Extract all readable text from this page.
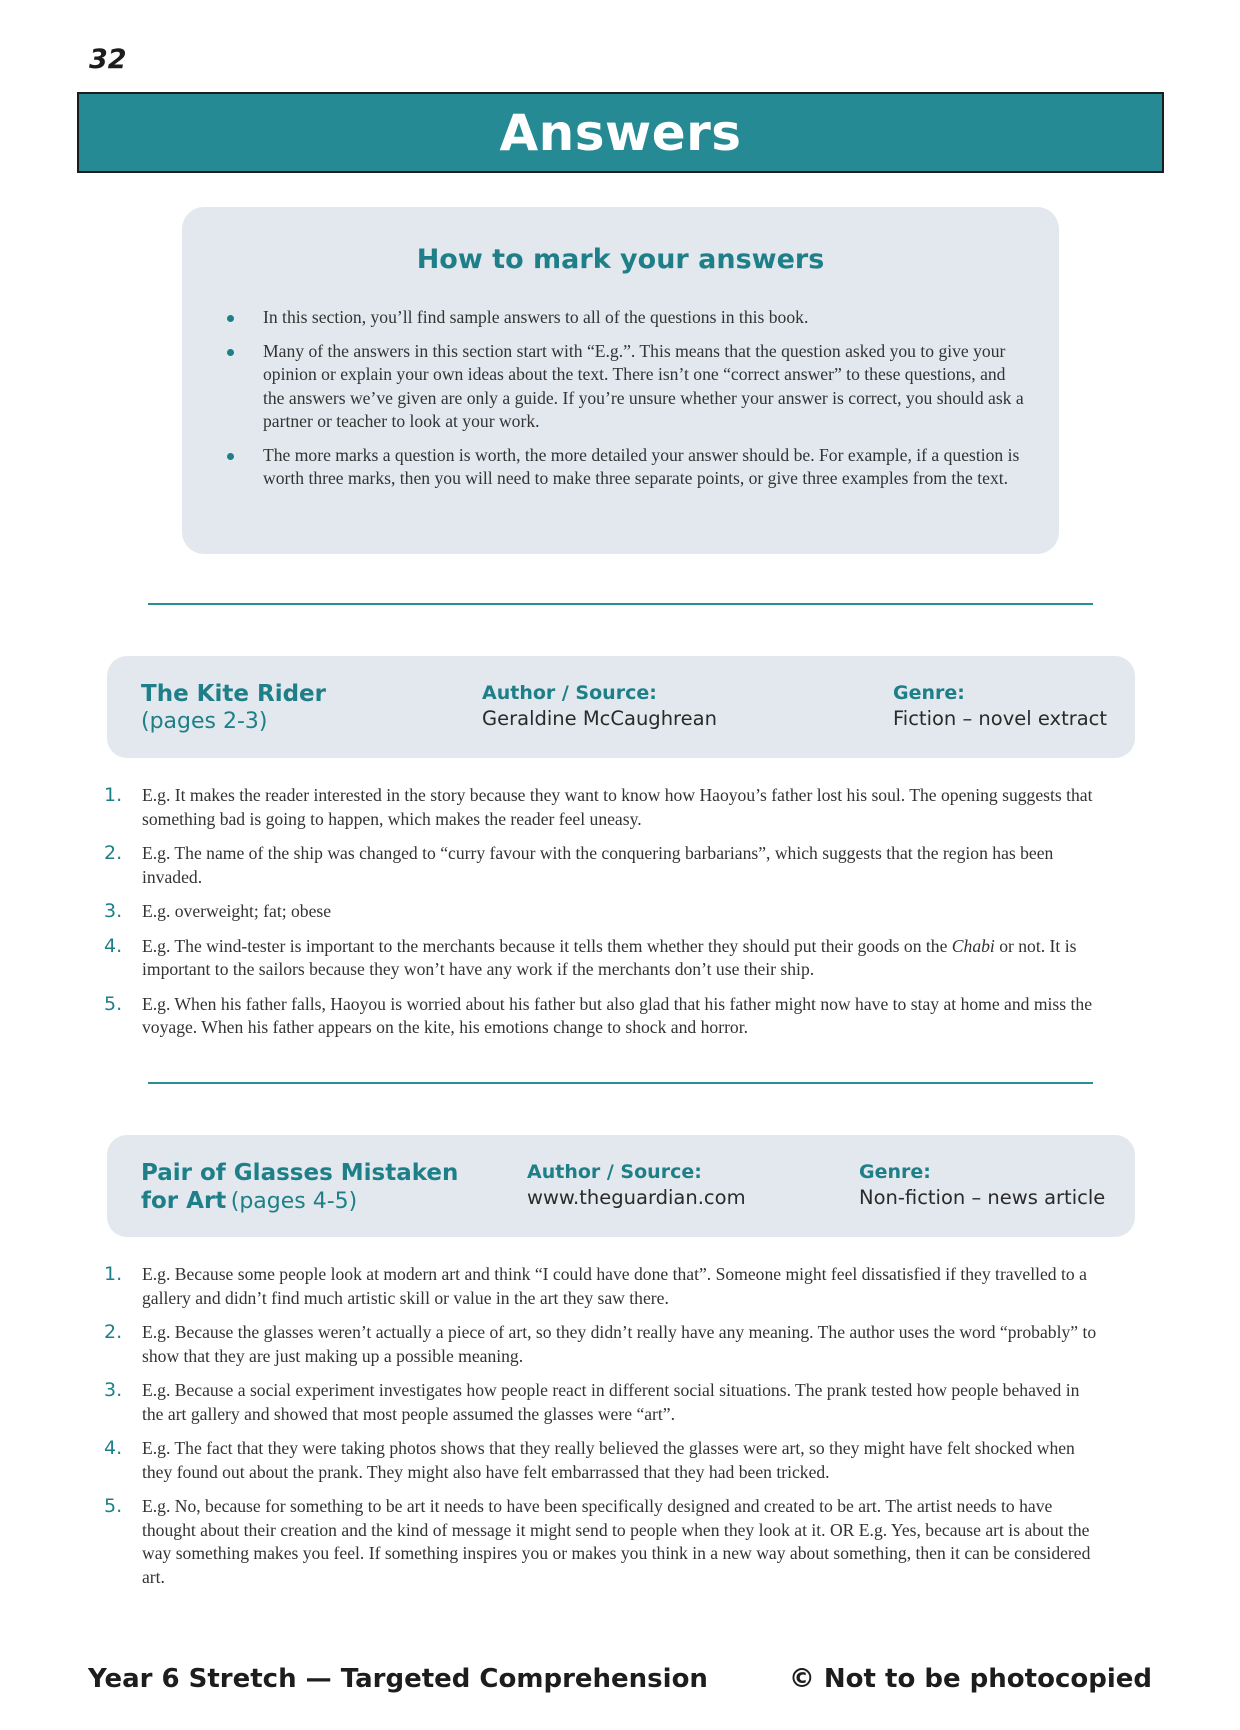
32
Answers
How to mark your answers
In this section, you’ll find sample answers to all of the questions in this book.
Many of the answers in this section start with “E.g.”. This means that the question asked you to give your opinion or explain your own ideas about the text. There isn’t one “correct answer” to these questions, and the answers we’ve given are only a guide. If you’re unsure whether your answer is correct, you should ask a partner or teacher to look at your work.
The more marks a question is worth, the more detailed your answer should be. For example, if a question is worth three marks, then you will need to make three separate points, or give three examples from the text.
The Kite Rider
(pages 2-3)
Author / Source:
Geraldine McCaughrean
Genre:
Fiction – novel extract
1. E.g. It makes the reader interested in the story because they want to know how Haoyou’s father lost his soul. The opening suggests that something bad is going to happen, which makes the reader feel uneasy.
2. E.g. The name of the ship was changed to “curry favour with the conquering barbarians”, which suggests that the region has been invaded.
3. E.g. overweight; fat; obese
4. E.g. The wind-tester is important to the merchants because it tells them whether they should put their goods on the Chabi or not. It is important to the sailors because they won’t have any work if the merchants don’t use their ship.
5. E.g. When his father falls, Haoyou is worried about his father but also glad that his father might now have to stay at home and miss the voyage. When his father appears on the kite, his emotions change to shock and horror.
Pair of Glasses Mistaken
for Art (pages 4-5)
Author / Source:
www.theguardian.com
Genre:
Non-fiction – news article
1. E.g. Because some people look at modern art and think “I could have done that”. Someone might feel dissatisfied if they travelled to a gallery and didn’t find much artistic skill or value in the art they saw there.
2. E.g. Because the glasses weren’t actually a piece of art, so they didn’t really have any meaning. The author uses the word “probably” to show that they are just making up a possible meaning.
3. E.g. Because a social experiment investigates how people react in different social situations. The prank tested how people behaved in the art gallery and showed that most people assumed the glasses were “art”.
4. E.g. The fact that they were taking photos shows that they really believed the glasses were art, so they might have felt shocked when they found out about the prank. They might also have felt embarrassed that they had been tricked.
5. E.g. No, because for something to be art it needs to have been specifically designed and created to be art. The artist needs to have thought about their creation and the kind of message it might send to people when they look at it. OR E.g. Yes, because art is about the way something makes you feel. If something inspires you or makes you think in a new way about something, then it can be considered art.
Year 6 Stretch — Targeted Comprehension	© Not to be photocopied
